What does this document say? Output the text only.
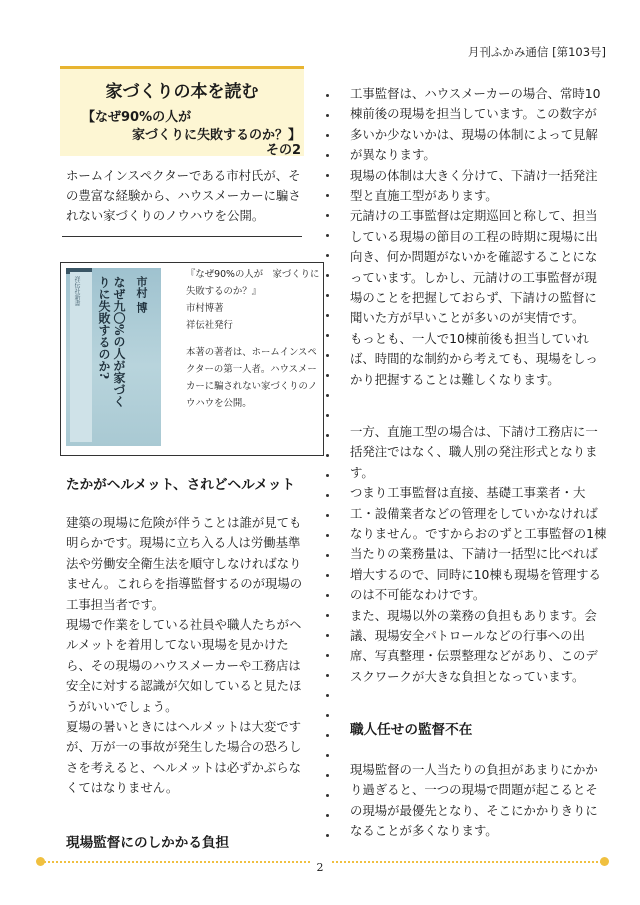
月刊ふかみ通信 [第103号]
家づくりの本を読む
【なぜ90%の人が
家づくりに失敗するのか？】
その2
ホームインスペクターである市村氏が、その豊富な経験から、ハウスメーカーに騙されない家づくりのノウハウを公開。
祥伝社新書	なぜ九〇%の人が家づくりに失敗するのか?	市村 博

『なぜ90%の人が　家づくりに失敗するのか？』

市村博著

祥伝社発行

本著の著者は、ホームインスペクターの第一人者。ハウスメーカーに騙されない家づくりのノウハウを公開。

たかがヘルメット、されどヘルメット

建築の現場に危険が伴うことは誰が見ても明らかです。現場に立ち入る人は労働基準法や労働安全衛生法を順守しなければなりません。これらを指導監督するのが現場の工事担当者です。

現場で作業をしている社員や職人たちがヘルメットを着用してない現場を見かけたら、その現場のハウスメーカーや工務店は安全に対する認識が欠如していると見たほうがいいでしょう。

夏場の暑いときにはヘルメットは大変ですが、万が一の事故が発生した場合の恐ろしさを考えると、ヘルメットは必ずかぶらなくてはなりません。

現場監督にのしかかる負担

工事監督は、ハウスメーカーの場合、常時10棟前後の現場を担当しています。この数字が多いか少ないかは、現場の体制によって見解が異なります。

現場の体制は大きく分けて、下請け一括発注型と直施工型があります。

元請けの工事監督は定期巡回と称して、担当している現場の節目の工程の時期に現場に出向き、何か問題がないかを確認することになっています。しかし、元請けの工事監督が現場のことを把握しておらず、下請けの監督に聞いた方が早いことが多いのが実情です。

もっとも、一人で10棟前後も担当していれば、時間的な制約から考えても、現場をしっかり把握することは難しくなります。

一方、直施工型の場合は、下請け工務店に一括発注ではなく、職人別の発注形式となります。

つまり工事監督は直接、基礎工事業者・大工・設備業者などの管理をしていかなければなりません。ですからおのずと工事監督の1棟当たりの業務量は、下請け一括型に比べれば増大するので、同時に10棟も現場を管理するのは不可能なわけです。

また、現場以外の業務の負担もあります。会議、現場安全パトロールなどの行事への出席、写真整理・伝票整理などがあり、このデスクワークが大きな負担となっています。

職人任せの監督不在

現場監督の一人当たりの負担があまりにかかり過ぎると、一つの現場で問題が起こるとその現場が最優先となり、そこにかかりきりになることが多くなります。

2
